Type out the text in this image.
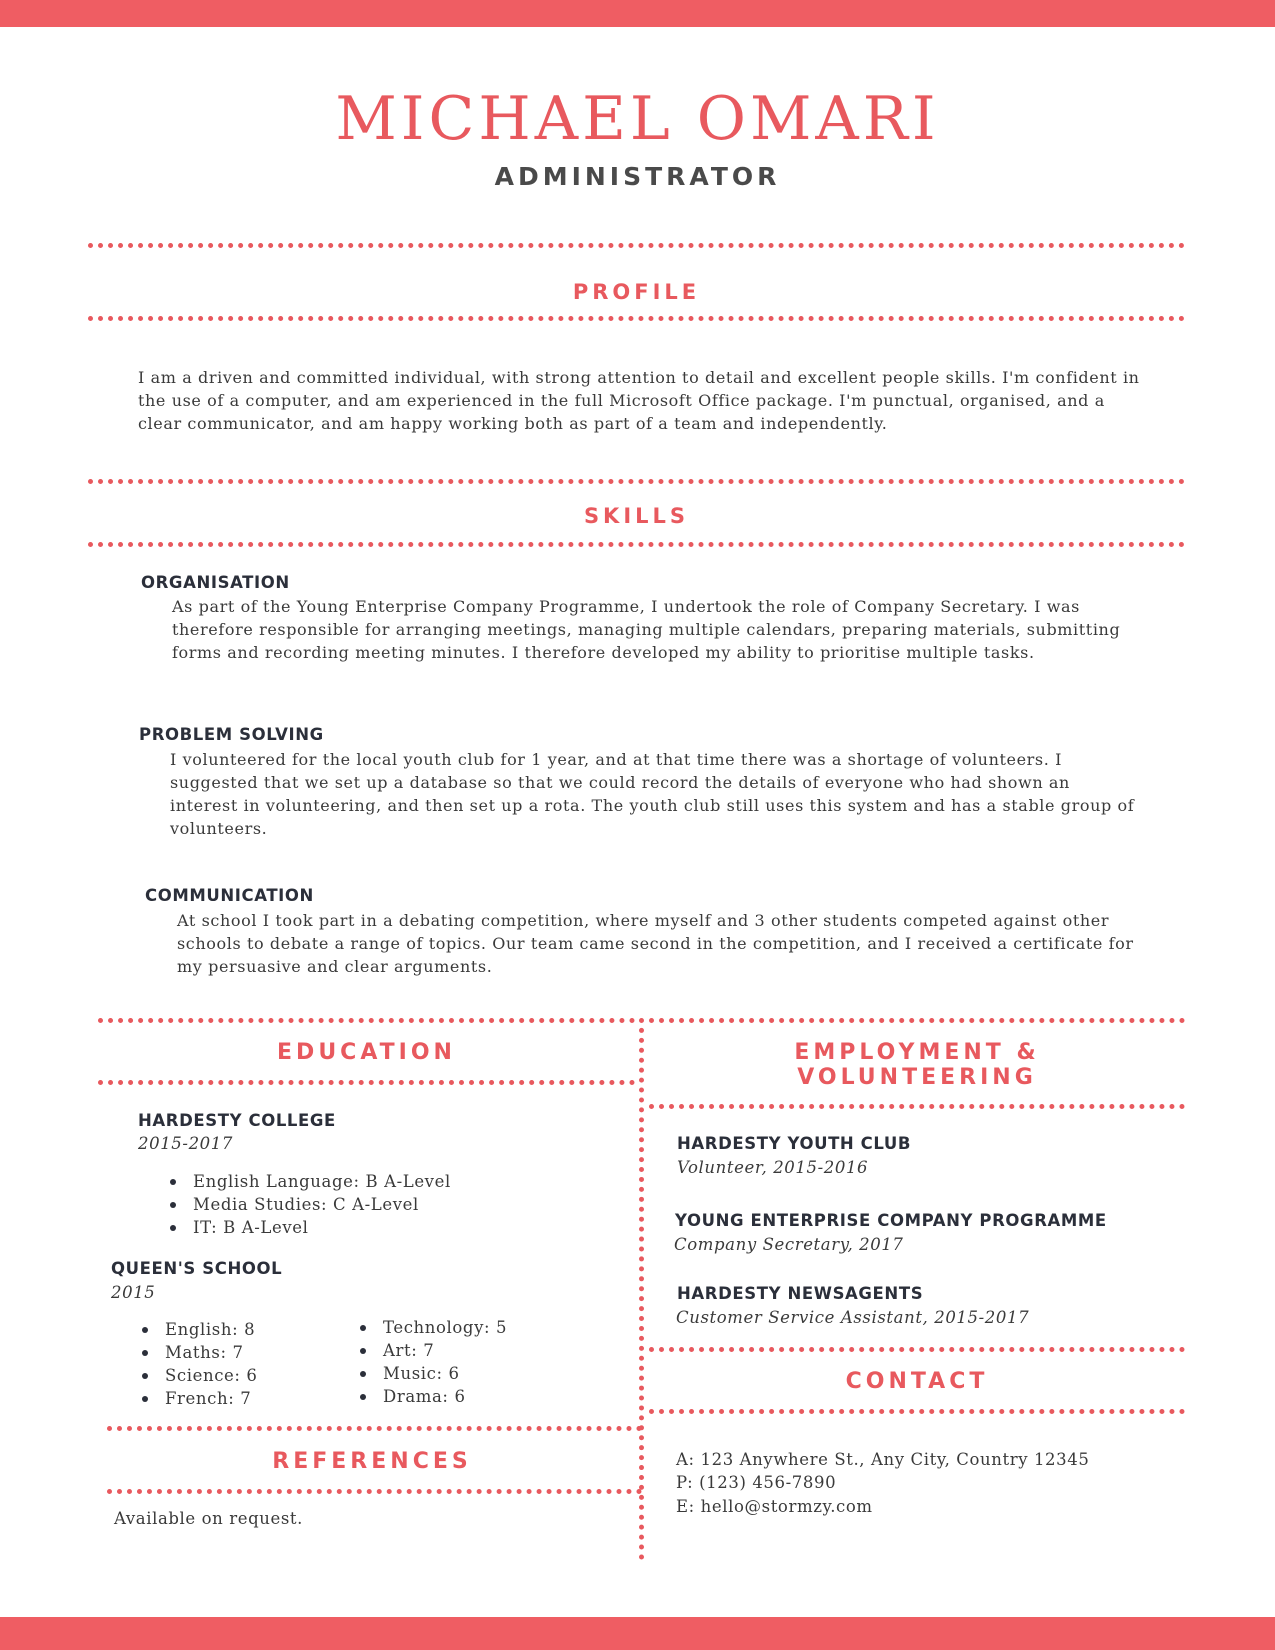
MICHAEL OMARI
ADMINISTRATOR
PROFILE

I am a driven and committed individual, with strong attention to detail and excellent people skills. I'm confident in the use of a computer, and am experienced in the full Microsoft Office package. I'm punctual, organised, and a clear communicator, and am happy working both as part of a team and independently.

SKILLS
ORGANISATION

As part of the Young Enterprise Company Programme, I undertook the role of Company Secretary. I was therefore responsible for arranging meetings, managing multiple calendars, preparing materials, submitting forms and recording meeting minutes. I therefore developed my ability to prioritise multiple tasks.

PROBLEM SOLVING

I volunteered for the local youth club for 1 year, and at that time there was a shortage of volunteers. I suggested that we set up a database so that we could record the details of everyone who had shown an interest in volunteering, and then set up a rota. The youth club still uses this system and has a stable group of volunteers.

COMMUNICATION

At school I took part in a debating competition, where myself and 3 other students competed against other schools to debate a range of topics. Our team came second in the competition, and I received a certificate for my persuasive and clear arguments.

EDUCATION
HARDESTY COLLEGE
2015-2017
English Language: B A-Level
Media Studies: C A-Level
IT: B A-Level
QUEEN'S SCHOOL
2015
English: 8
Maths: 7
Science: 6
French: 7
Technology: 5
Art: 7
Music: 6
Drama: 6
REFERENCES
Available on request.
EMPLOYMENT &
VOLUNTEERING
HARDESTY YOUTH CLUB
Volunteer, 2015-2016
YOUNG ENTERPRISE COMPANY PROGRAMME
Company Secretary, 2017
HARDESTY NEWSAGENTS
Customer Service Assistant, 2015-2017
CONTACT
A: 123 Anywhere St., Any City, Country 12345
P: (123) 456-7890
E: hello@stormzy.com
